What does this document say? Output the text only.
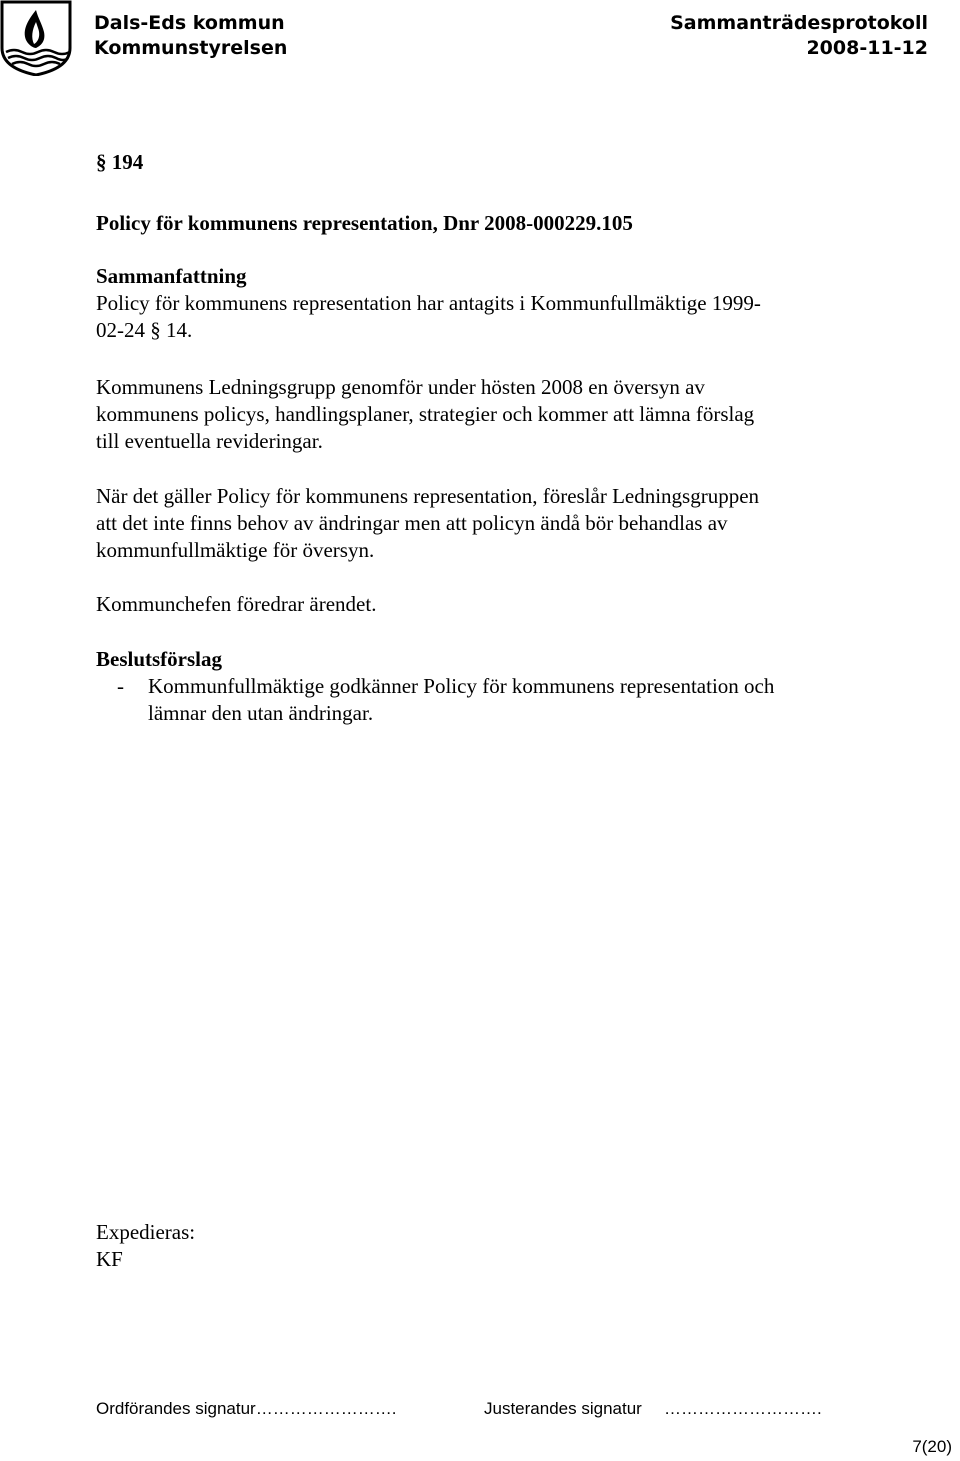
Dals-Eds kommun
Kommunstyrelsen
Sammanträdesprotokoll
2008-11-12
§ 194
Policy för kommunens representation, Dnr 2008-000229.105
Sammanfattning
Policy för kommunens representation har antagits i Kommunfullmäktige 1999-
02-24 § 14.
Kommunens Ledningsgrupp genomför under hösten 2008 en översyn av
kommunens policys, handlingsplaner, strategier och kommer att lämna förslag
till eventuella revideringar.
När det gäller Policy för kommunens representation, föreslår Ledningsgruppen
att det inte finns behov av ändringar men att policyn ändå bör behandlas av
kommunfullmäktige för översyn.
Kommunchefen föredrar ärendet.
Beslutsförslag
- Kommunfullmäktige godkänner Policy för kommunens representation och
lämnar den utan ändringar.
Expedieras:
KF
Ordförandes signatur…………………….	Justerandes signatur ……………………….
7(20)
